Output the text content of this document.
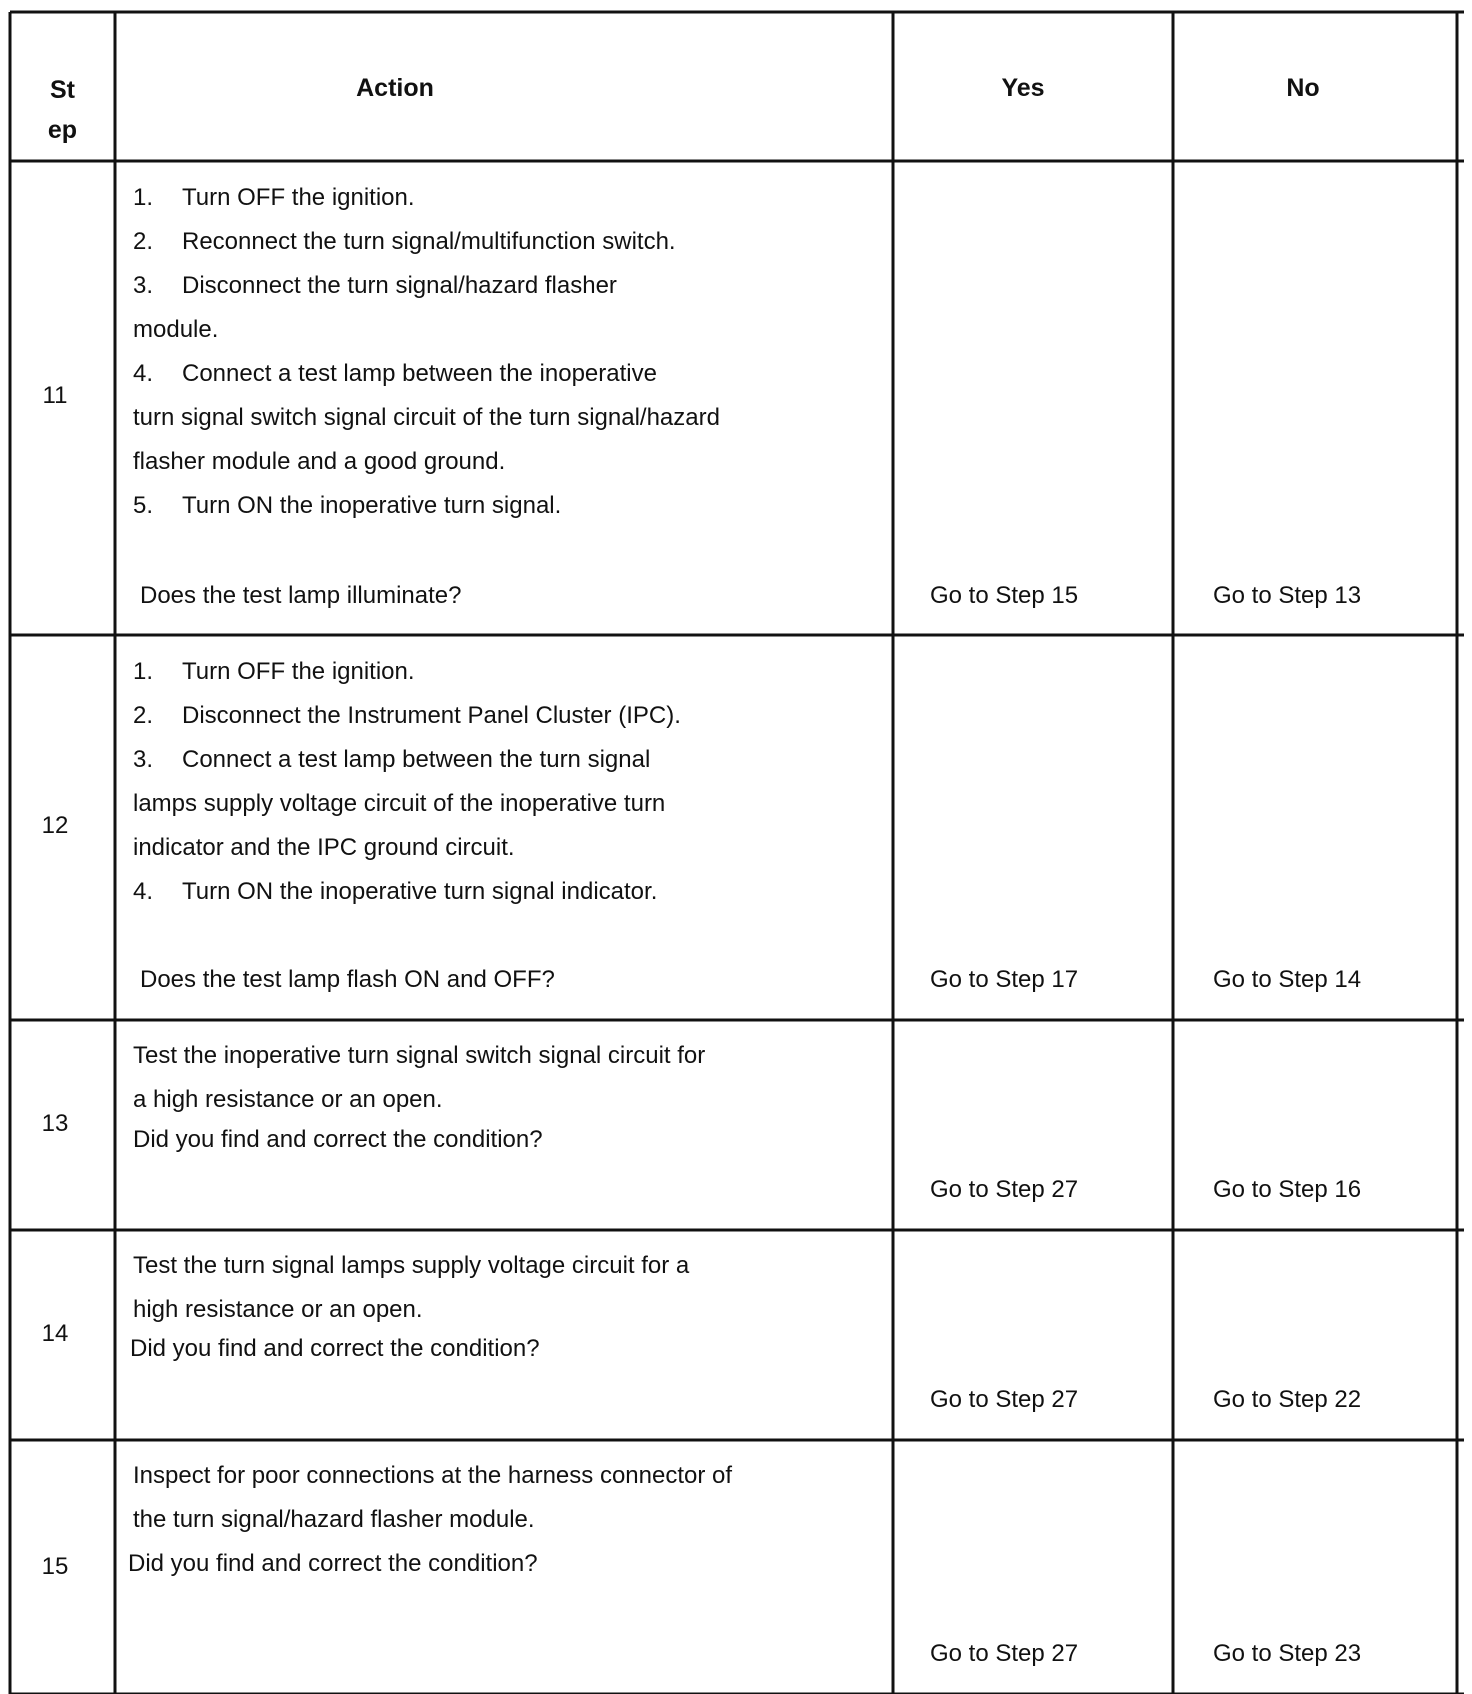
St
ep
Action	Yes	No
11
1. Turn OFF the ignition.
2. Reconnect the turn signal/multifunction switch.
3. Disconnect the turn signal/hazard flasher
module.
4. Connect a test lamp between the inoperative
turn signal switch signal circuit of the turn signal/hazard
flasher module and a good ground.
5. Turn ON the inoperative turn signal.
Does the test lamp illuminate?	Go to Step 15	Go to Step 13
12
1. Turn OFF the ignition.
2. Disconnect the Instrument Panel Cluster (IPC).
3. Connect a test lamp between the turn signal
lamps supply voltage circuit of the inoperative turn
indicator and the IPC ground circuit.
4. Turn ON the inoperative turn signal indicator.
Does the test lamp flash ON and OFF?	Go to Step 17	Go to Step 14
13
Test the inoperative turn signal switch signal circuit for
a high resistance or an open.
Did you find and correct the condition?
Go to Step 27	Go to Step 16
14
Test the turn signal lamps supply voltage circuit for a
high resistance or an open.
Did you find and correct the condition?
Go to Step 27	Go to Step 22
15
Inspect for poor connections at the harness connector of
the turn signal/hazard flasher module.
Did you find and correct the condition?
Go to Step 27	Go to Step 23
